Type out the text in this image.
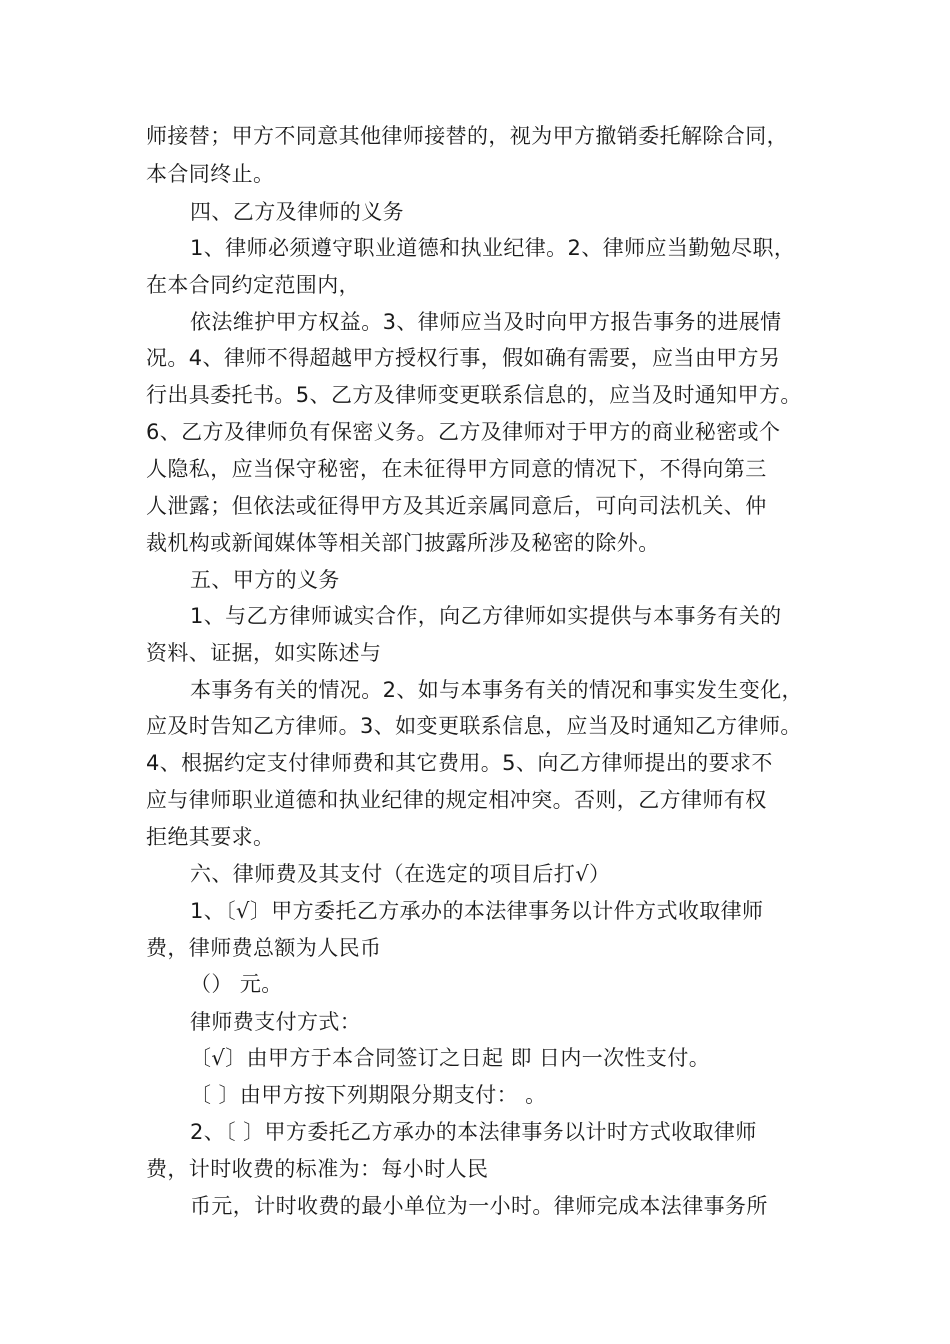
师接替；甲方不同意其他律师接替的，视为甲方撤销委托解除合同，
本合同终止。
四、乙方及律师的义务
1、律师必须遵守职业道德和执业纪律。2、律师应当勤勉尽职，
在本合同约定范围内，
依法维护甲方权益。3、律师应当及时向甲方报告事务的进展情
况。4、律师不得超越甲方授权行事，假如确有需要，应当由甲方另
行出具委托书。5、乙方及律师变更联系信息的，应当及时通知甲方。
6、乙方及律师负有保密义务。乙方及律师对于甲方的商业秘密或个
人隐私，应当保守秘密，在未征得甲方同意的情况下，不得向第三
人泄露；但依法或征得甲方及其近亲属同意后，可向司法机关、仲
裁机构或新闻媒体等相关部门披露所涉及秘密的除外。
五、甲方的义务
1、与乙方律师诚实合作，向乙方律师如实提供与本事务有关的
资料、证据，如实陈述与
本事务有关的情况。2、如与本事务有关的情况和事实发生变化，
应及时告知乙方律师。3、如变更联系信息，应当及时通知乙方律师。
4、根据约定支付律师费和其它费用。5、向乙方律师提出的要求不
应与律师职业道德和执业纪律的规定相冲突。否则，乙方律师有权
拒绝其要求。
六、律师费及其支付（在选定的项目后打√）
1、〔√〕甲方委托乙方承办的本法律事务以计件方式收取律师
费，律师费总额为人民币
（） 元。
律师费支付方式：
〔√〕由甲方于本合同签订之日起 即 日内一次性支付。
〔 〕由甲方按下列期限分期支付： 。
2、〔 〕甲方委托乙方承办的本法律事务以计时方式收取律师
费，计时收费的标准为：每小时人民
币元，计时收费的最小单位为一小时。律师完成本法律事务所
